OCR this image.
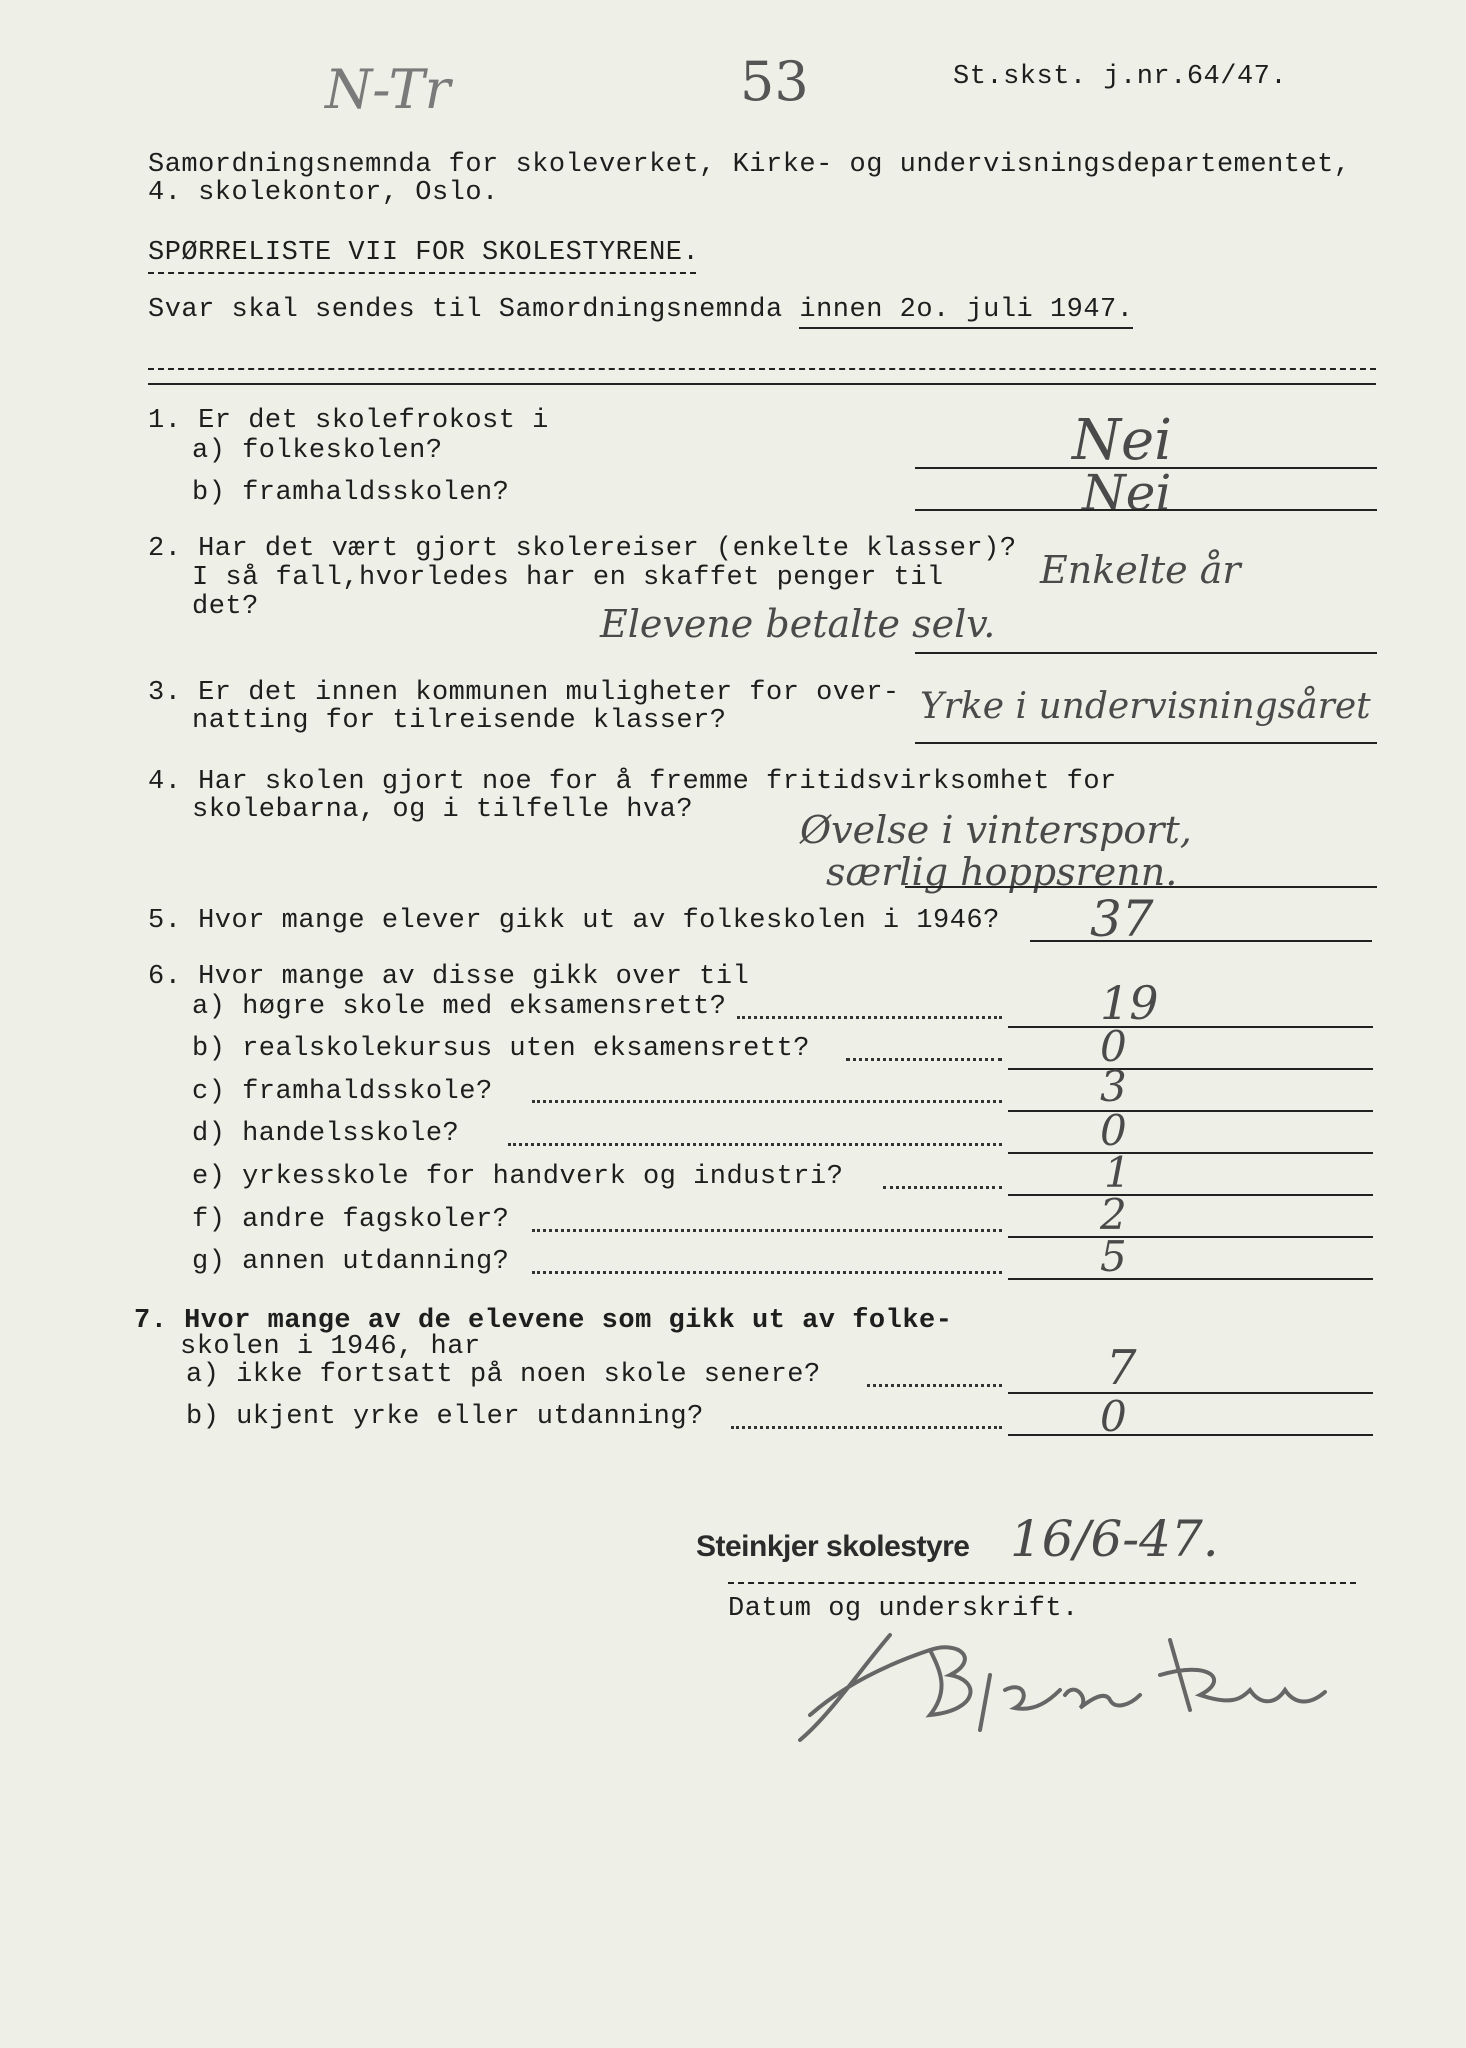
N-Tr	53	St.skst. j.nr.64/47.
Samordningsnemnda for skoleverket, Kirke- og undervisningsdepartementet,
4. skolekontor, Oslo.
SPØRRELISTE VII FOR SKOLESTYRENE.
Svar skal sendes til Samordningsnemnda innen 2o. juli 1947.
1. Er det skolefrokost i
a) folkeskolen?	Nei
b) framhaldsskolen?	Nei
2. Har det vært gjort skolereiser (enkelte klasser)?
I så fall,hvorledes har en skaffet penger til
det?
Enkelte år
Elevene betalte selv.
3. Er det innen kommunen muligheter for over-
natting for tilreisende klasser?	Yrke i undervisningsåret
4. Har skolen gjort noe for å fremme fritidsvirksomhet for
skolebarna, og i tilfelle hva?	Øvelse i vintersport,
særlig hoppsrenn.
5. Hvor mange elever gikk ut av folkeskolen i 1946? 37
6. Hvor mange av disse gikk over til
a) høgre skole med eksamensrett?	19
b) realskolekursus uten eksamensrett?	0
c) framhaldsskole?	3
d) handelsskole?	0
e) yrkesskole for handverk og industri?	1
f) andre fagskoler?	2
g) annen utdanning?	5
7. Hvor mange av de elevene som gikk ut av folke-
skolen i 1946, har
a) ikke fortsatt på noen skole senere?	7
b) ukjent yrke eller utdanning?	0
Steinkjer skolestyre 16/6-47.
Datum og underskrift.
